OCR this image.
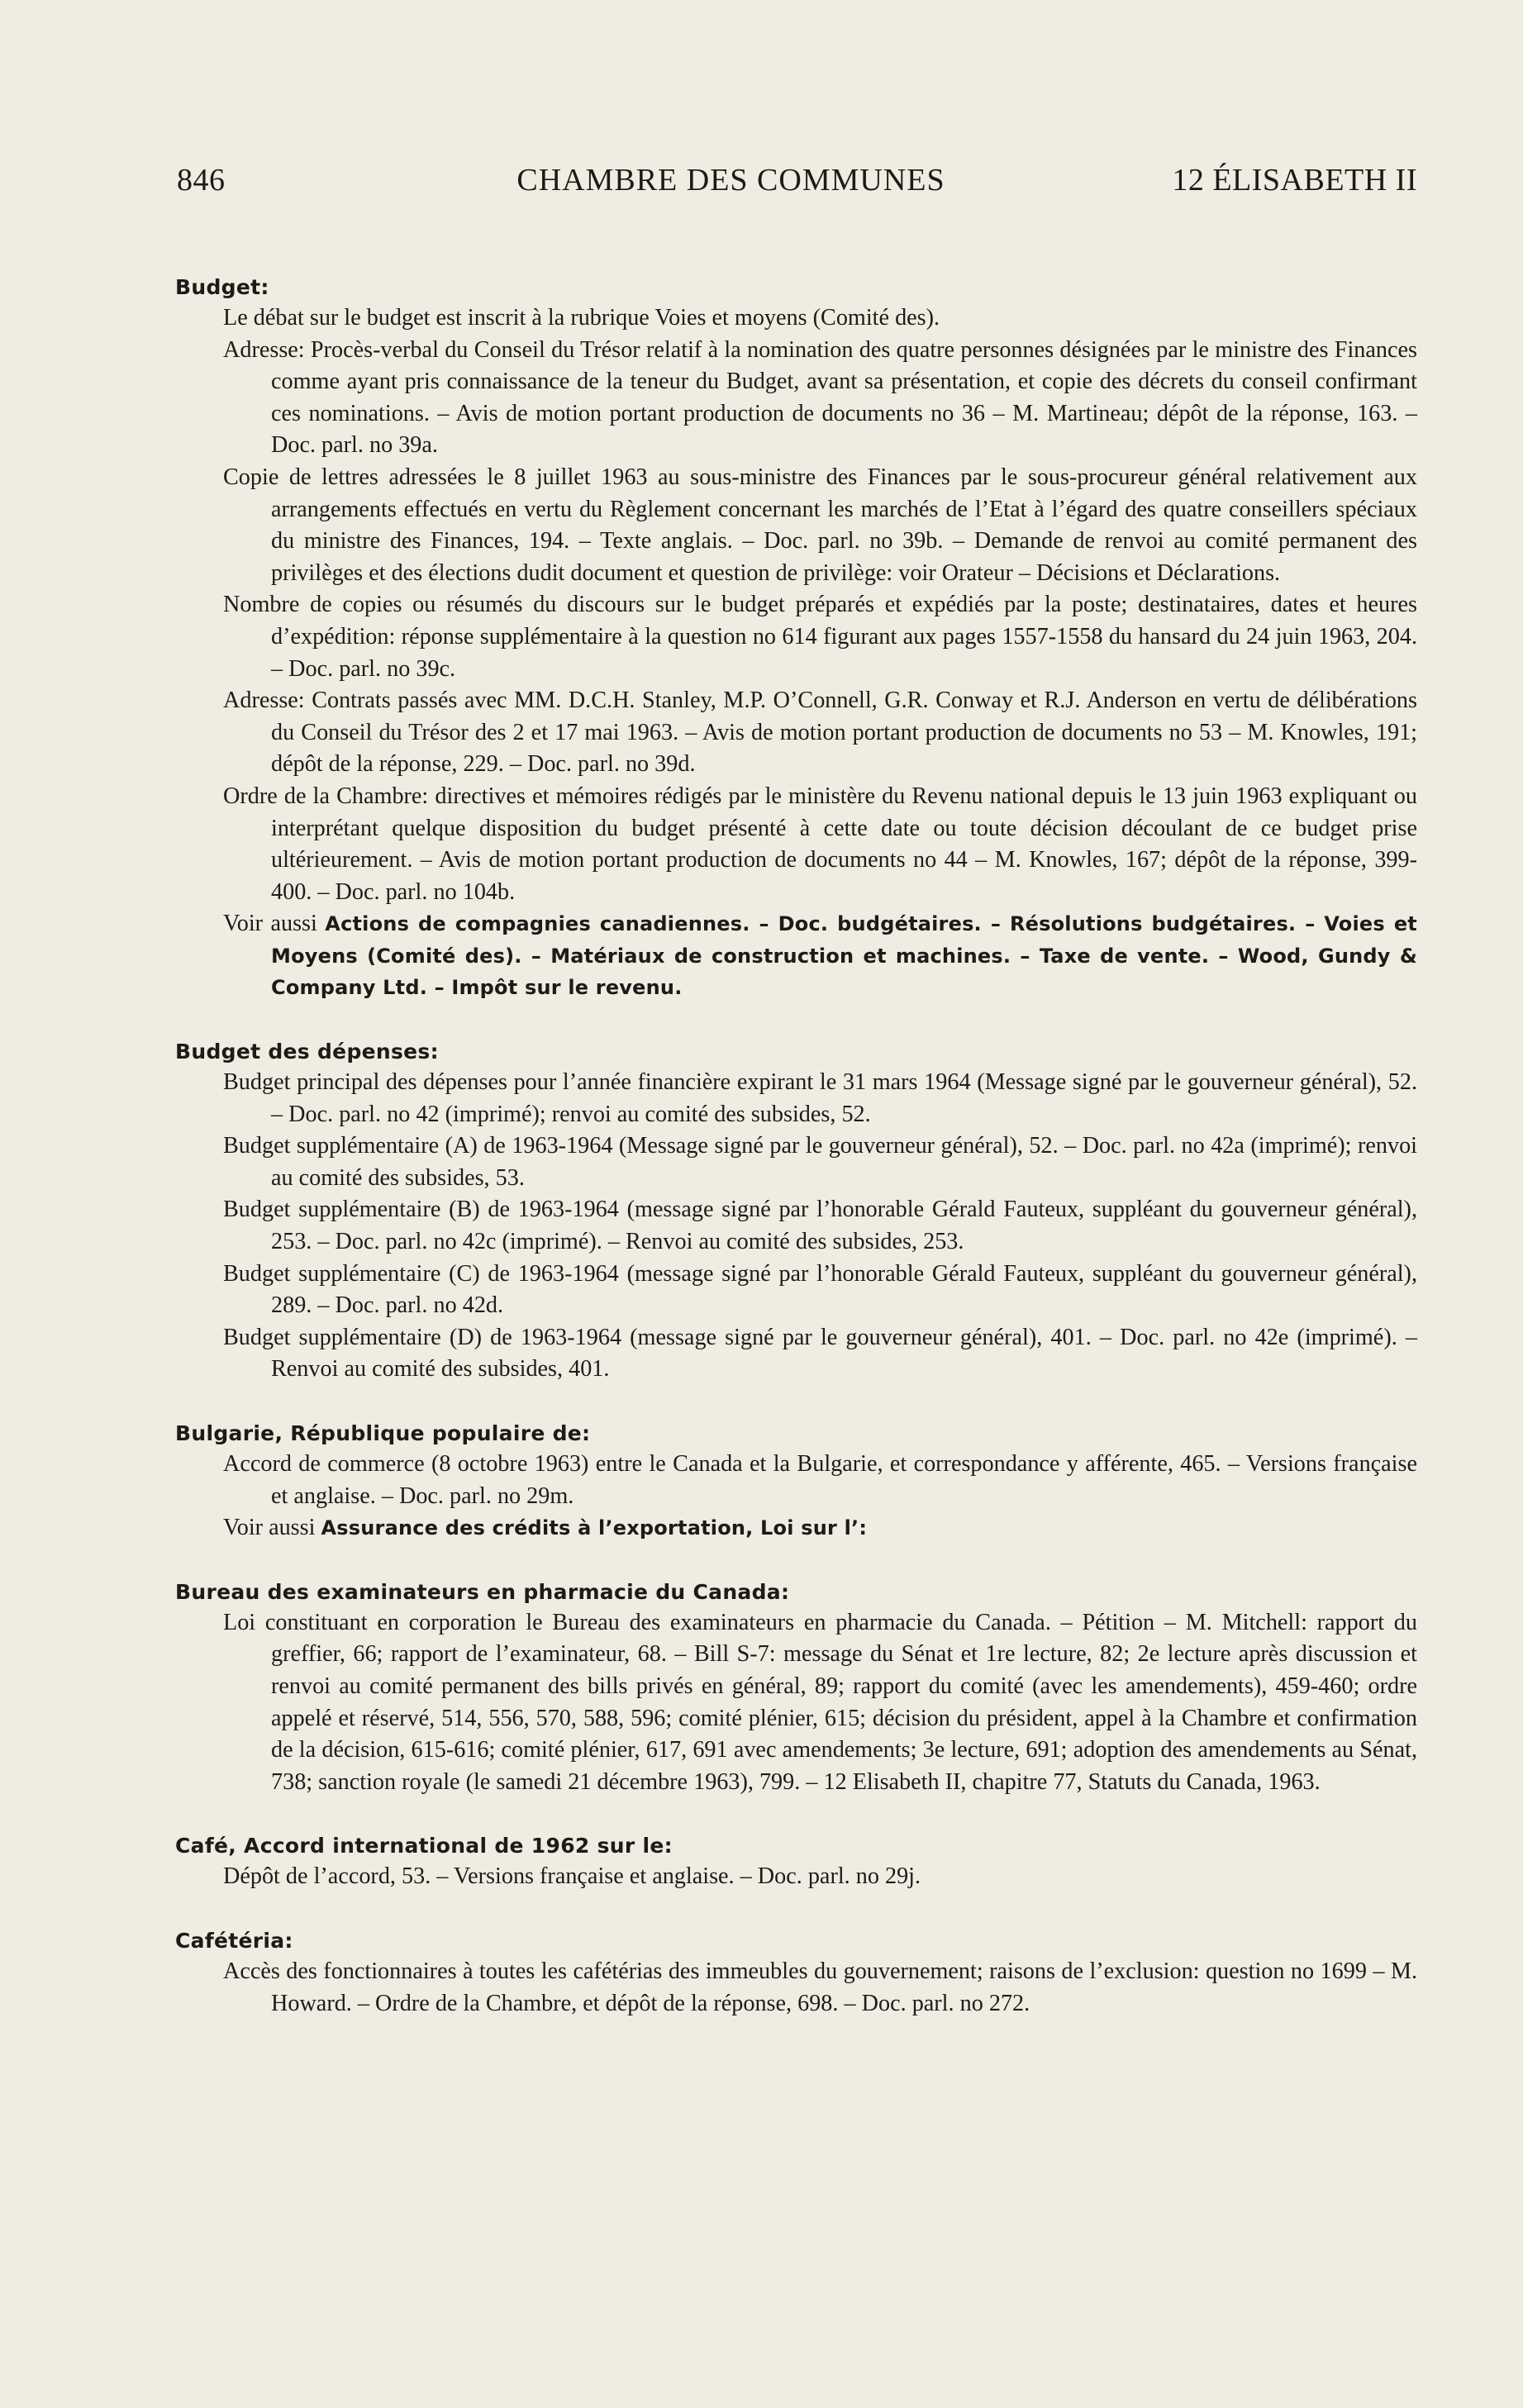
846	CHAMBRE DES COMMUNES	12 ÉLISABETH II
Budget:
Le débat sur le budget est inscrit à la rubrique Voies et moyens (Comité des).
Adresse: Procès-verbal du Conseil du Trésor relatif à la nomination des quatre personnes désignées par le ministre des Finances comme ayant pris connaissance de la teneur du Budget, avant sa présentation, et copie des décrets du conseil confirmant ces nominations. – Avis de motion portant production de documents no 36 – M. Martineau; dépôt de la réponse, 163. – Doc. parl. no 39a.
Copie de lettres adressées le 8 juillet 1963 au sous-ministre des Finances par le sous-procureur général relativement aux arrangements effectués en vertu du Règlement concernant les marchés de l’Etat à l’égard des quatre conseillers spéciaux du ministre des Finances, 194. – Texte anglais. – Doc. parl. no 39b. – Demande de renvoi au comité permanent des privilèges et des élections dudit document et question de privilège: voir Orateur – Décisions et Déclarations.
Nombre de copies ou résumés du discours sur le budget préparés et expédiés par la poste; destinataires, dates et heures d’expédition: réponse supplémentaire à la question no 614 figurant aux pages 1557-1558 du hansard du 24 juin 1963, 204. – Doc. parl. no 39c.
Adresse: Contrats passés avec MM. D.C.H. Stanley, M.P. O’Connell, G.R. Conway et R.J. Anderson en vertu de délibérations du Conseil du Trésor des 2 et 17 mai 1963. – Avis de motion portant production de documents no 53 – M. Knowles, 191; dépôt de la réponse, 229. – Doc. parl. no 39d.
Ordre de la Chambre: directives et mémoires rédigés par le ministère du Revenu national depuis le 13 juin 1963 expliquant ou interprétant quelque disposition du budget présenté à cette date ou toute décision découlant de ce budget prise ultérieurement. – Avis de motion portant production de documents no 44 – M. Knowles, 167; dépôt de la réponse, 399-400. – Doc. parl. no 104b.
Voir aussi Actions de compagnies canadiennes. – Doc. budgétaires. – Résolutions budgétaires. – Voies et Moyens (Comité des). – Matériaux de construction et machines. – Taxe de vente. – Wood, Gundy & Company Ltd. – Impôt sur le revenu.
Budget des dépenses:
Budget principal des dépenses pour l’année financière expirant le 31 mars 1964 (Message signé par le gouverneur général), 52. – Doc. parl. no 42 (imprimé); renvoi au comité des subsides, 52.
Budget supplémentaire (A) de 1963-1964 (Message signé par le gouverneur général), 52. – Doc. parl. no 42a (imprimé); renvoi au comité des subsides, 53.
Budget supplémentaire (B) de 1963-1964 (message signé par l’honorable Gérald Fauteux, suppléant du gouverneur général), 253. – Doc. parl. no 42c (imprimé). – Renvoi au comité des subsides, 253.
Budget supplémentaire (C) de 1963-1964 (message signé par l’honorable Gérald Fauteux, suppléant du gouverneur général), 289. – Doc. parl. no 42d.
Budget supplémentaire (D) de 1963-1964 (message signé par le gouverneur général), 401. – Doc. parl. no 42e (imprimé). – Renvoi au comité des subsides, 401.
Bulgarie, République populaire de:
Accord de commerce (8 octobre 1963) entre le Canada et la Bulgarie, et correspondance y afférente, 465. – Versions française et anglaise. – Doc. parl. no 29m.
Voir aussi Assurance des crédits à l’exportation, Loi sur l’:
Bureau des examinateurs en pharmacie du Canada:
Loi constituant en corporation le Bureau des examinateurs en pharmacie du Canada. – Pétition – M. Mitchell: rapport du greffier, 66; rapport de l’examinateur, 68. – Bill S-7: message du Sénat et 1re lecture, 82; 2e lecture après discussion et renvoi au comité permanent des bills privés en général, 89; rapport du comité (avec les amendements), 459-460; ordre appelé et réservé, 514, 556, 570, 588, 596; comité plénier, 615; décision du président, appel à la Chambre et confirmation de la décision, 615-616; comité plénier, 617, 691 avec amendements; 3e lecture, 691; adoption des amendements au Sénat, 738; sanction royale (le samedi 21 décembre 1963), 799. – 12 Elisabeth II, chapitre 77, Statuts du Canada, 1963.
Café, Accord international de 1962 sur le:
Dépôt de l’accord, 53. – Versions française et anglaise. – Doc. parl. no 29j.
Cafétéria:
Accès des fonctionnaires à toutes les cafétérias des immeubles du gouvernement; raisons de l’exclusion: question no 1699 – M. Howard. – Ordre de la Chambre, et dépôt de la réponse, 698. – Doc. parl. no 272.
